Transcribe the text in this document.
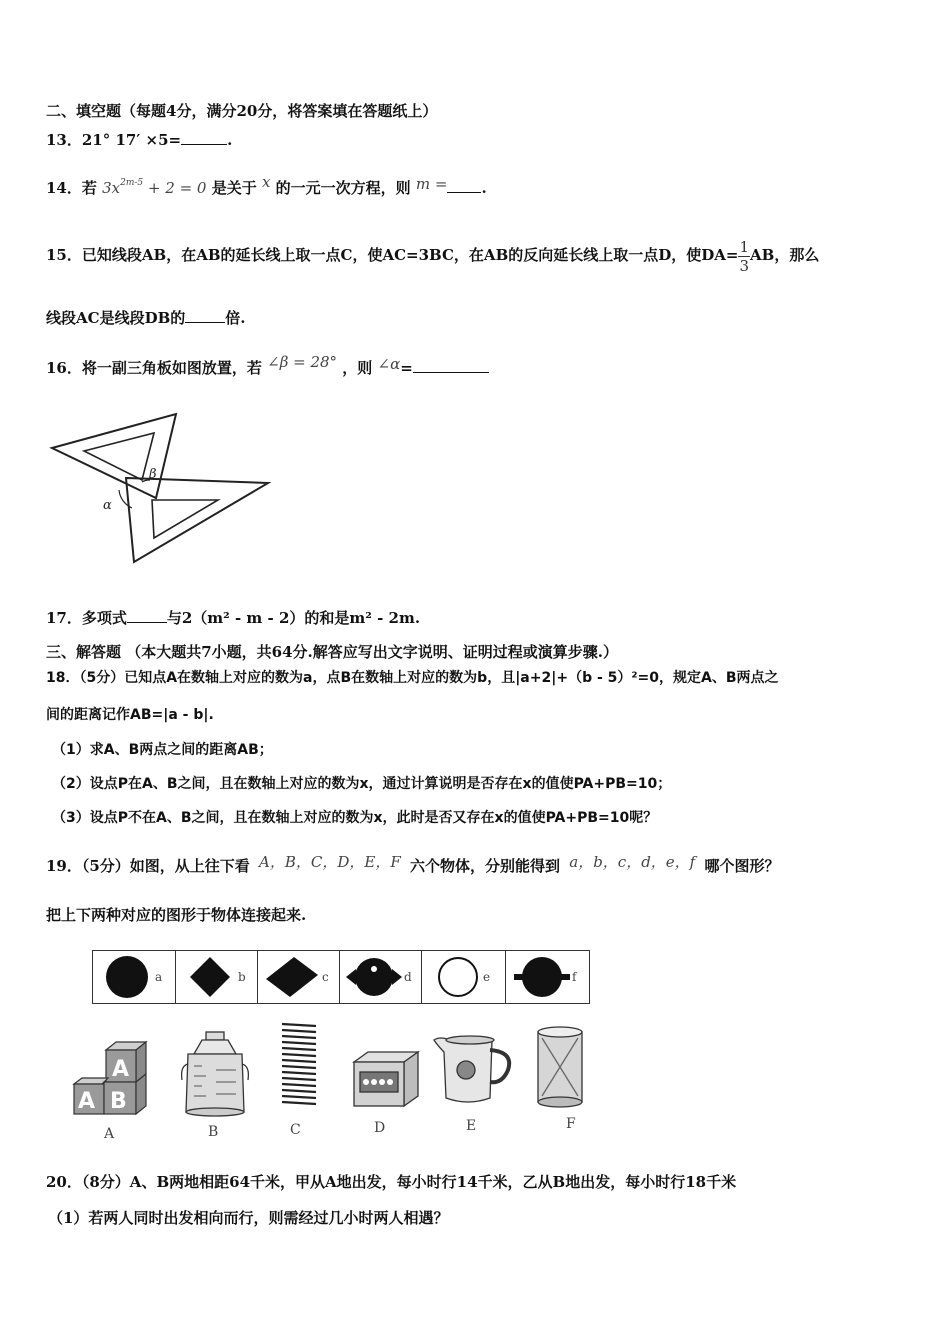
二、填空题（每题4分，满分20分，将答案填在答题纸上）
13．21° 17′ ×5=	.
14．若 $3x^{2m-5} + 2 = 0$ 是关于 x 的一元一次方程，则 m = .
15．已知线段AB，在AB的延长线上取一点C，使AC=3BC，在AB的反向延长线上取一点D，使$DA= \frac{1}{3}$ AB，那么
线段AC是线段DB的	倍.
16．将一副三角板如图放置，若 ∠β = 28° ，则 ∠α=
α
β
17．多项式	与2（m² - m - 2）的和是m² - 2m.
三、解答题 （本大题共7小题，共64分.解答应写出文字说明、证明过程或演算步骤.）
18．（5分）已知点A在数轴上对应的数为a，点B在数轴上对应的数为b，且|a+2|+（b - 5）²=0，规定A、B两点之
间的距离记作AB=|a - b|.
（1）求A、B两点之间的距离AB；
（2）设点P在A、B之间，且在数轴上对应的数为x，通过计算说明是否存在x的值使PA+PB=10；
（3）设点P不在A、B之间，且在数轴上对应的数为x，此时是否又存在x的值使PA+PB=10呢？
19．（5分）如图，从上往下看 A，B，C，D，E，F 六个物体，分别能得到 a，b，c，d，e，f 哪个图形？
把上下两种对应的图形于物体连接起来.
a	b	c	d	e	f
A
A B
A	B	C	D	E	F
20．（8分）A、B两地相距64千米，甲从A地出发，每小时行14千米，乙从B地出发，每小时行18千米
（1）若两人同时出发相向而行，则需经过几小时两人相遇？
